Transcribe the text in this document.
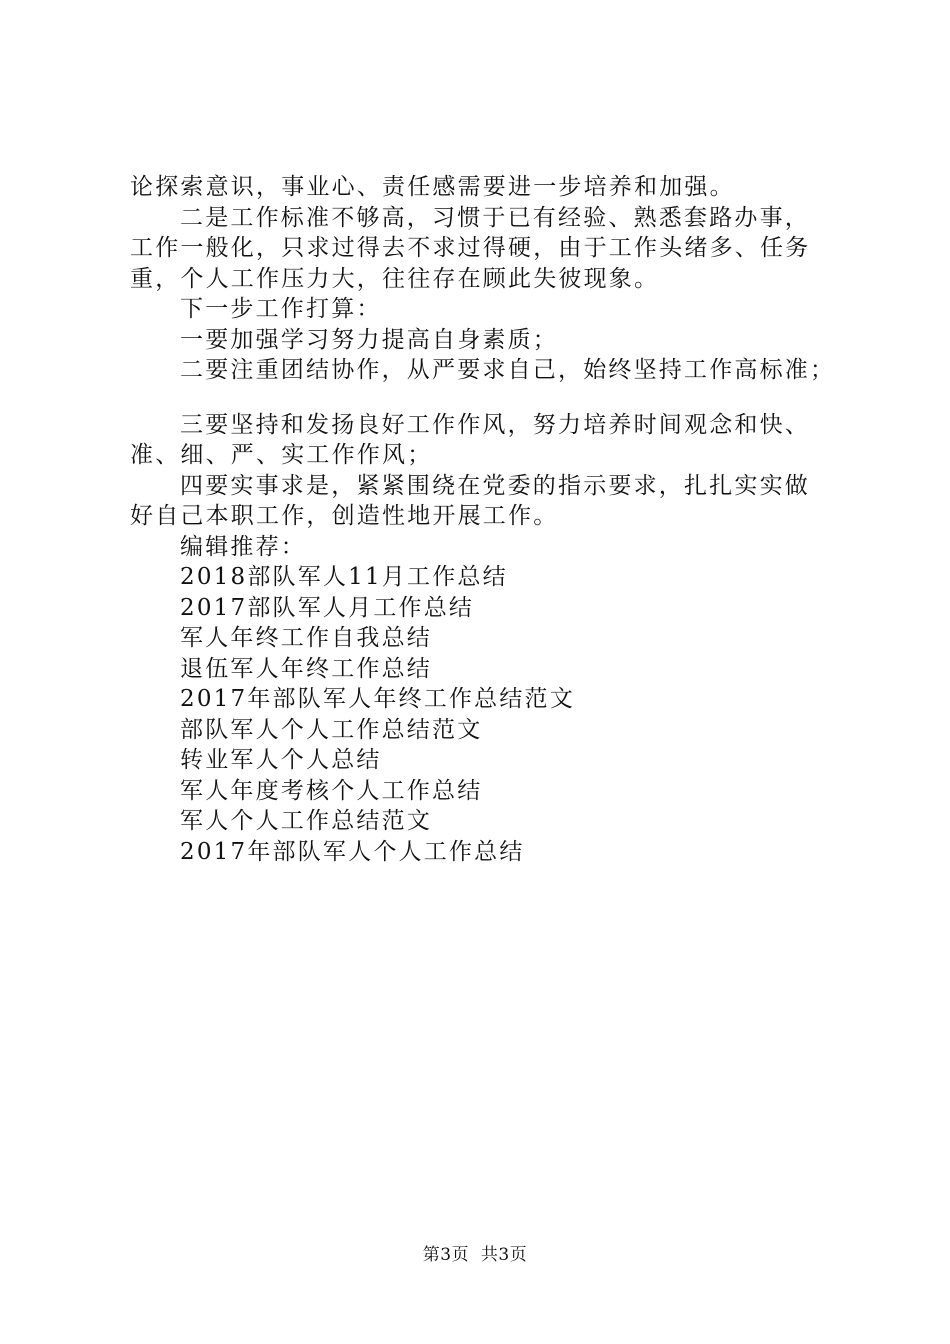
论探索意识，事业心、责任感需要进一步培养和加强。
二是工作标准不够高，习惯于已有经验、熟悉套路办事，
工作一般化，只求过得去不求过得硬，由于工作头绪多、任务
重，个人工作压力大，往往存在顾此失彼现象。
下一步工作打算：
一要加强学习努力提高自身素质；
二要注重团结协作，从严要求自己，始终坚持工作高标准；
三要坚持和发扬良好工作作风，努力培养时间观念和快、
准、细、严、实工作作风；
四要实事求是，紧紧围绕在党委的指示要求，扎扎实实做
好自己本职工作，创造性地开展工作。
编辑推荐：
2018部队军人11月工作总结
2017部队军人月工作总结
军人年终工作自我总结
退伍军人年终工作总结
2017年部队军人年终工作总结范文
部队军人个人工作总结范文
转业军人个人总结
军人年度考核个人工作总结
军人个人工作总结范文
2017年部队军人个人工作总结
第3页  共3页
